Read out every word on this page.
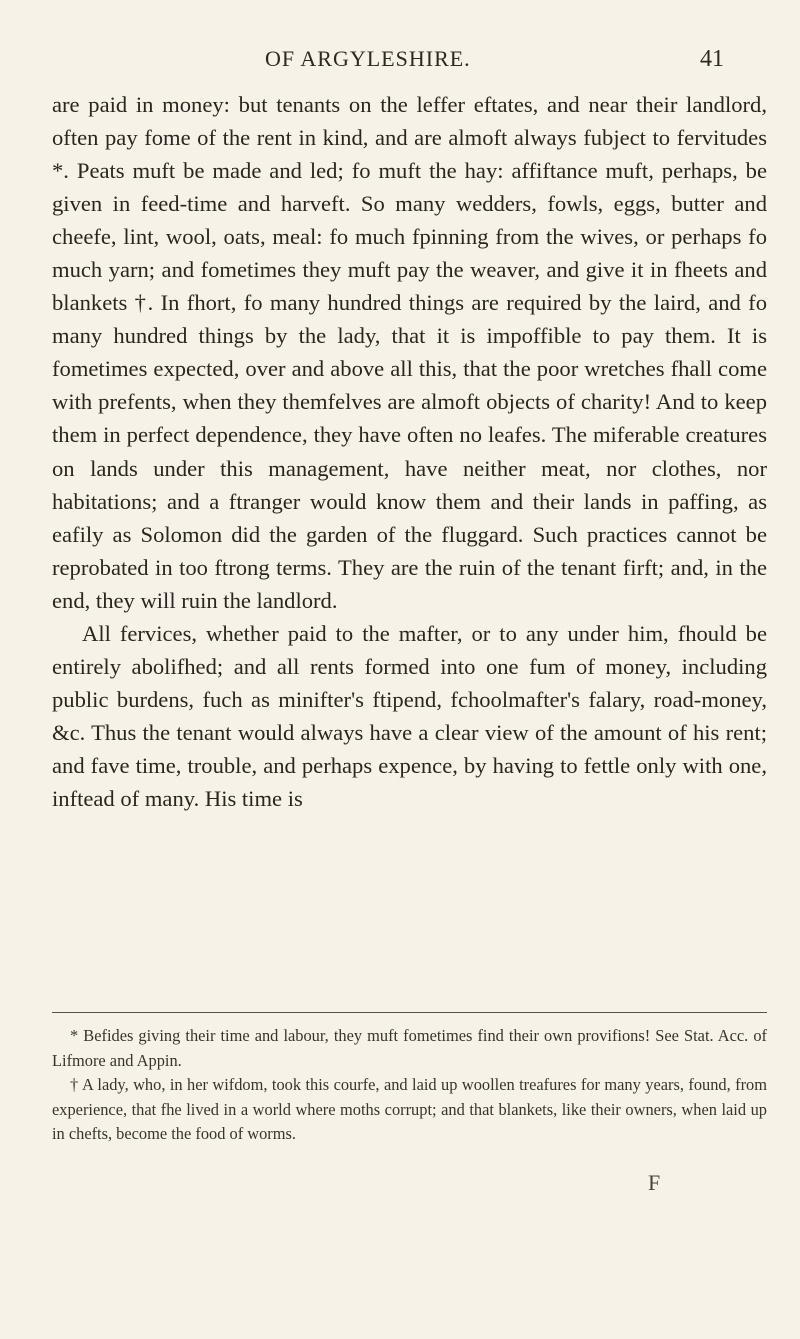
OF ARGYLESHIRE.	41

are paid in money: but tenants on the leffer eftates, and near their landlord, often pay fome of the rent in kind, and are almoft always fubject to fervitudes *. Peats muft be made and led; fo muft the hay: affiftance muft, perhaps, be given in feed-time and harveft. So many wedders, fowls, eggs, butter and cheefe, lint, wool, oats, meal: fo much fpinning from the wives, or perhaps fo much yarn; and fometimes they muft pay the weaver, and give it in fheets and blankets †. In fhort, fo many hundred things are required by the laird, and fo many hundred things by the lady, that it is impoffible to pay them. It is fometimes expected, over and above all this, that the poor wretches fhall come with prefents, when they themfelves are almoft objects of charity! And to keep them in perfect dependence, they have often no leafes. The miferable creatures on lands under this management, have neither meat, nor clothes, nor habitations; and a ftranger would know them and their lands in paffing, as eafily as Solomon did the garden of the fluggard. Such practices cannot be reprobated in too ftrong terms. They are the ruin of the tenant firft; and, in the end, they will ruin the landlord.

All fervices, whether paid to the mafter, or to any under him, fhould be entirely abolifhed; and all rents formed into one fum of money, including public burdens, fuch as minifter's ftipend, fchoolmafter's falary, road-money, &c. Thus the tenant would always have a clear view of the amount of his rent; and fave time, trouble, and perhaps expence, by having to fettle only with one, inftead of many. His time is

* Befides giving their time and labour, they muft fometimes find their own provifions! See Stat. Acc. of Lifmore and Appin.

† A lady, who, in her wifdom, took this courfe, and laid up woollen treafures for many years, found, from experience, that fhe lived in a world where moths corrupt; and that blankets, like their owners, when laid up in chefts, become the food of worms.

F
